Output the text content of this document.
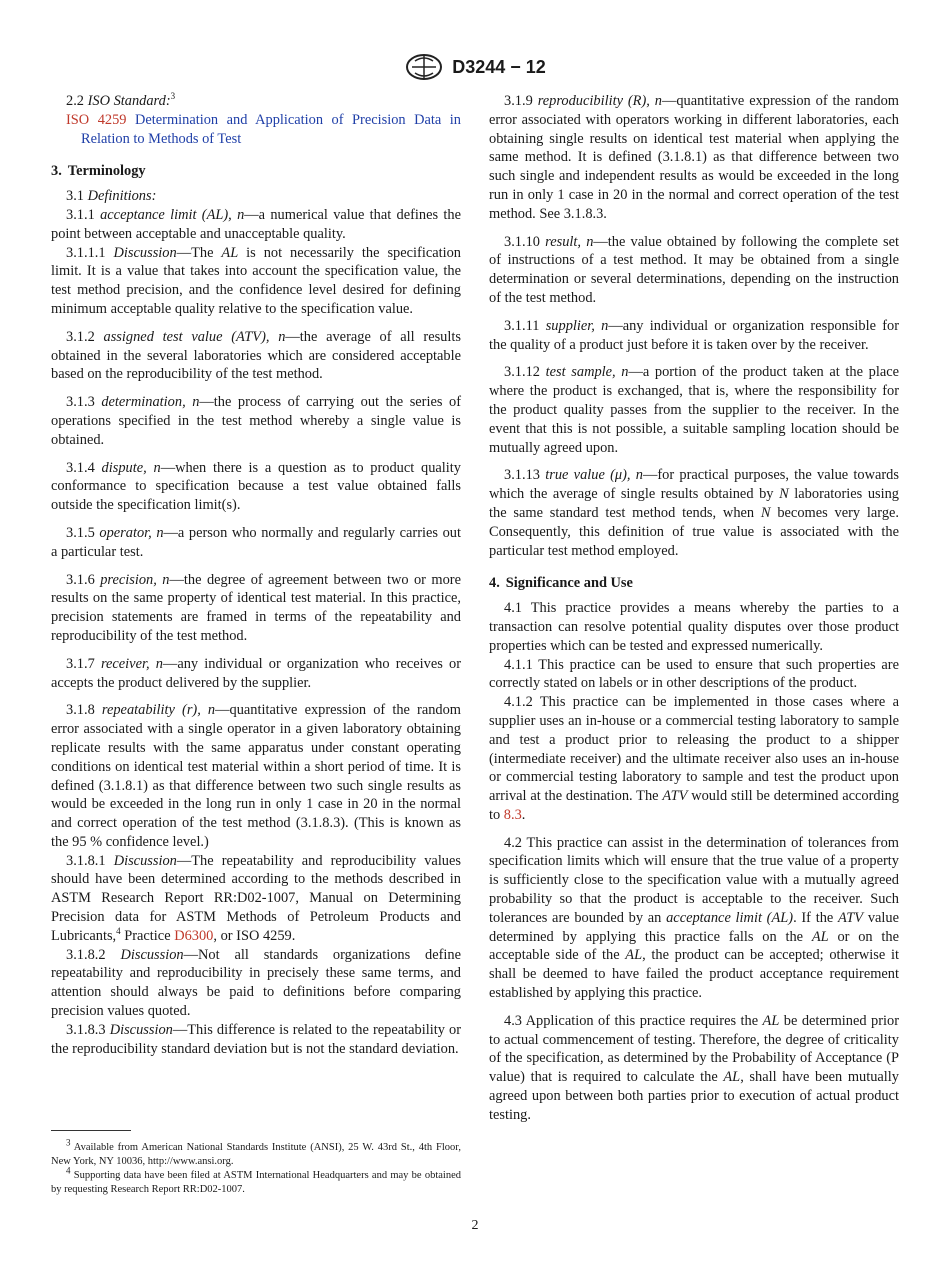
D3244 − 12

2.2 ISO Standard:$^3$

ISO 4259 Determination and Application of Precision Data in Relation to Methods of Test

3. Terminology

3.1 Definitions:

3.1.1 acceptance limit (AL), n—a numerical value that defines the point between acceptable and unacceptable quality.

3.1.1.1 Discussion—The AL is not necessarily the specification limit. It is a value that takes into account the specification value, the test method precision, and the confidence level desired for defining minimum acceptable quality relative to the specification value.

3.1.2 assigned test value (ATV), n—the average of all results obtained in the several laboratories which are considered acceptable based on the reproducibility of the test method.

3.1.3 determination, n—the process of carrying out the series of operations specified in the test method whereby a single value is obtained.

3.1.4 dispute, n—when there is a question as to product quality conformance to specification because a test value obtained falls outside the specification limit(s).

3.1.5 operator, n—a person who normally and regularly carries out a particular test.

3.1.6 precision, n—the degree of agreement between two or more results on the same property of identical test material. In this practice, precision statements are framed in terms of the repeatability and reproducibility of the test method.

3.1.7 receiver, n—any individual or organization who receives or accepts the product delivered by the supplier.

3.1.8 repeatability (r), n—quantitative expression of the random error associated with a single operator in a given laboratory obtaining replicate results with the same apparatus under constant operating conditions on identical test material within a short period of time. It is defined (3.1.8.1) as that difference between two such single results as would be exceeded in the long run in only 1 case in 20 in the normal and correct operation of the test method (3.1.8.3). (This is known as the 95 % confidence level.)

3.1.8.1 Discussion—The repeatability and reproducibility values should have been determined according to the methods described in ASTM Research Report RR:D02-1007, Manual on Determining Precision data for ASTM Methods of Petroleum Products and Lubricants,$^4$ Practice D6300, or ISO 4259.

3.1.8.2 Discussion—Not all standards organizations define repeatability and reproducibility in precisely these same terms, and attention should always be paid to definitions before comparing precision values quoted.

3.1.8.3 Discussion—This difference is related to the repeatability or the reproducibility standard deviation but is not the standard deviation.

3.1.9 reproducibility (R), n—quantitative expression of the random error associated with operators working in different laboratories, each obtaining single results on identical test material when applying the same method. It is defined (3.1.8.1) as that difference between two such single and independent results as would be exceeded in the long run in only 1 case in 20 in the normal and correct operation of the test method. See 3.1.8.3.

3.1.10 result, n—the value obtained by following the complete set of instructions of a test method. It may be obtained from a single determination or several determinations, depending on the instruction of the test method.

3.1.11 supplier, n—any individual or organization responsible for the quality of a product just before it is taken over by the receiver.

3.1.12 test sample, n—a portion of the product taken at the place where the product is exchanged, that is, where the responsibility for the product quality passes from the supplier to the receiver. In the event that this is not possible, a suitable sampling location should be mutually agreed upon.

3.1.13 true value (μ), n—for practical purposes, the value towards which the average of single results obtained by N laboratories using the same standard test method tends, when N becomes very large. Consequently, this definition of true value is associated with the particular test method employed.

4. Significance and Use

4.1 This practice provides a means whereby the parties to a transaction can resolve potential quality disputes over those product properties which can be tested and expressed numerically.

4.1.1 This practice can be used to ensure that such properties are correctly stated on labels or in other descriptions of the product.

4.1.2 This practice can be implemented in those cases where a supplier uses an in-house or a commercial testing laboratory to sample and test a product prior to releasing the product to a shipper (intermediate receiver) and the ultimate receiver also uses an in-house or commercial testing laboratory to sample and test the product upon arrival at the destination. The ATV would still be determined according to 8.3.

4.2 This practice can assist in the determination of tolerances from specification limits which will ensure that the true value of a property is sufficiently close to the specification value with a mutually agreed probability so that the product is acceptable to the receiver. Such tolerances are bounded by an acceptance limit (AL). If the ATV value determined by applying this practice falls on the AL or on the acceptable side of the AL, the product can be accepted; otherwise it shall be deemed to have failed the product acceptance requirement established by applying this practice.

4.3 Application of this practice requires the AL be determined prior to actual commencement of testing. Therefore, the degree of criticality of the specification, as determined by the Probability of Acceptance (P value) that is required to calculate the AL, shall have been mutually agreed upon between both parties prior to execution of actual product testing.

$^3$ Available from American National Standards Institute (ANSI), 25 W. 43rd St., 4th Floor, New York, NY 10036, http://www.ansi.org.

$^4$ Supporting data have been filed at ASTM International Headquarters and may be obtained by requesting Research Report RR:D02-1007.

2
